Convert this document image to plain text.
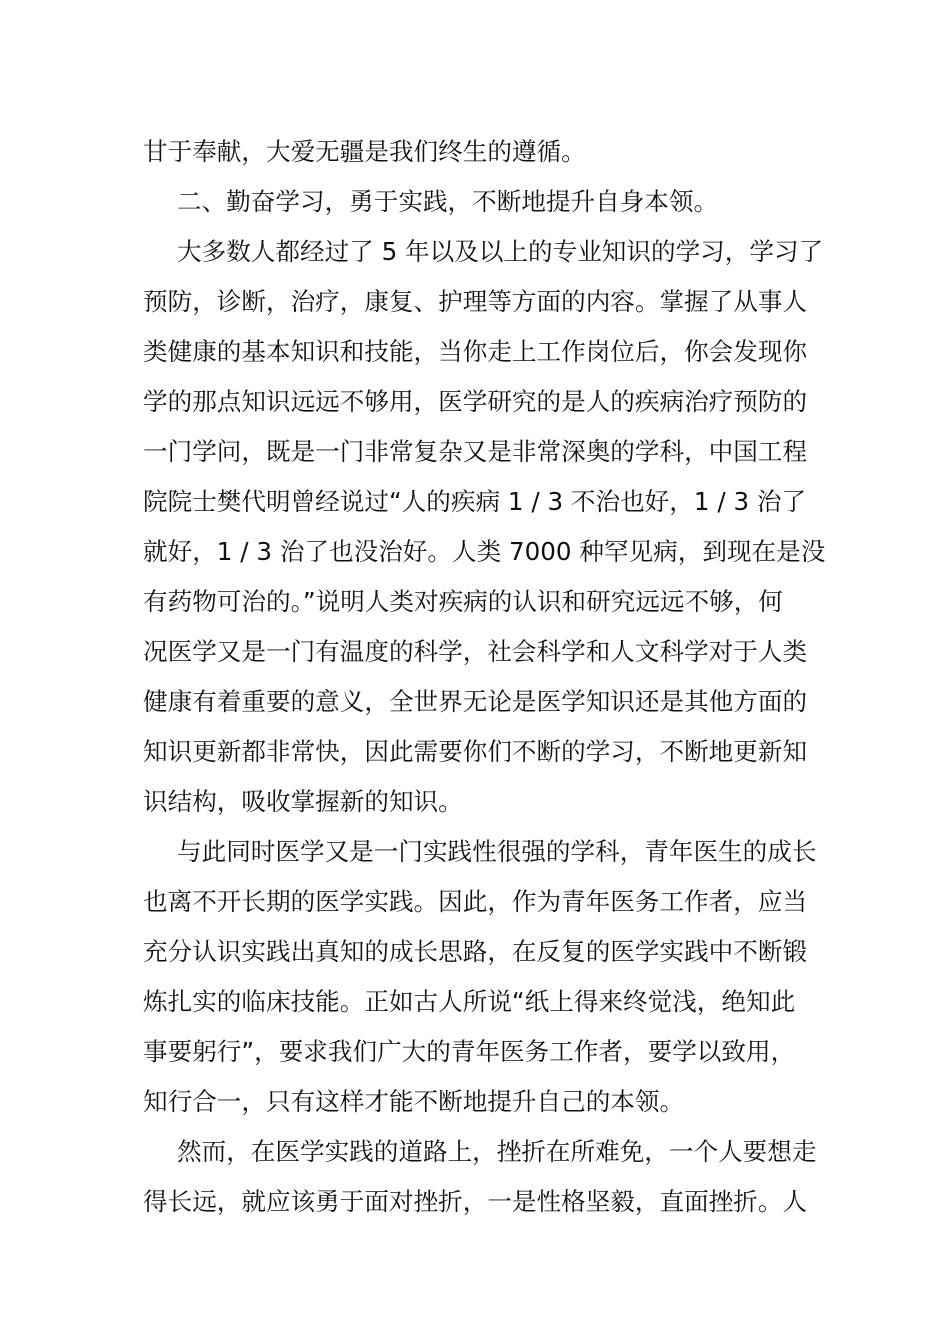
甘于奉献，大爱无疆是我们终生的遵循。
二、勤奋学习，勇于实践，不断地提升自身本领。
大多数人都经过了 5 年以及以上的专业知识的学习，学习了
预防，诊断，治疗，康复、护理等方面的内容。掌握了从事人
类健康的基本知识和技能，当你走上工作岗位后，你会发现你
学的那点知识远远不够用，医学研究的是人的疾病治疗预防的
一门学问，既是一门非常复杂又是非常深奥的学科，中国工程
院院士樊代明曾经说过“人的疾病 1 / 3 不治也好，1 / 3 治了
就好，1 / 3 治了也没治好。人类 7000 种罕见病，到现在是没
有药物可治的。”说明人类对疾病的认识和研究远远不够，何
况医学又是一门有温度的科学，社会科学和人文科学对于人类
健康有着重要的意义，全世界无论是医学知识还是其他方面的
知识更新都非常快，因此需要你们不断的学习，不断地更新知
识结构，吸收掌握新的知识。
与此同时医学又是一门实践性很强的学科，青年医生的成长
也离不开长期的医学实践。因此，作为青年医务工作者，应当
充分认识实践出真知的成长思路，在反复的医学实践中不断锻
炼扎实的临床技能。正如古人所说“纸上得来终觉浅，绝知此
事要躬行”，要求我们广大的青年医务工作者，要学以致用，
知行合一，只有这样才能不断地提升自己的本领。
然而，在医学实践的道路上，挫折在所难免，一个人要想走
得长远，就应该勇于面对挫折，一是性格坚毅，直面挫折。人
